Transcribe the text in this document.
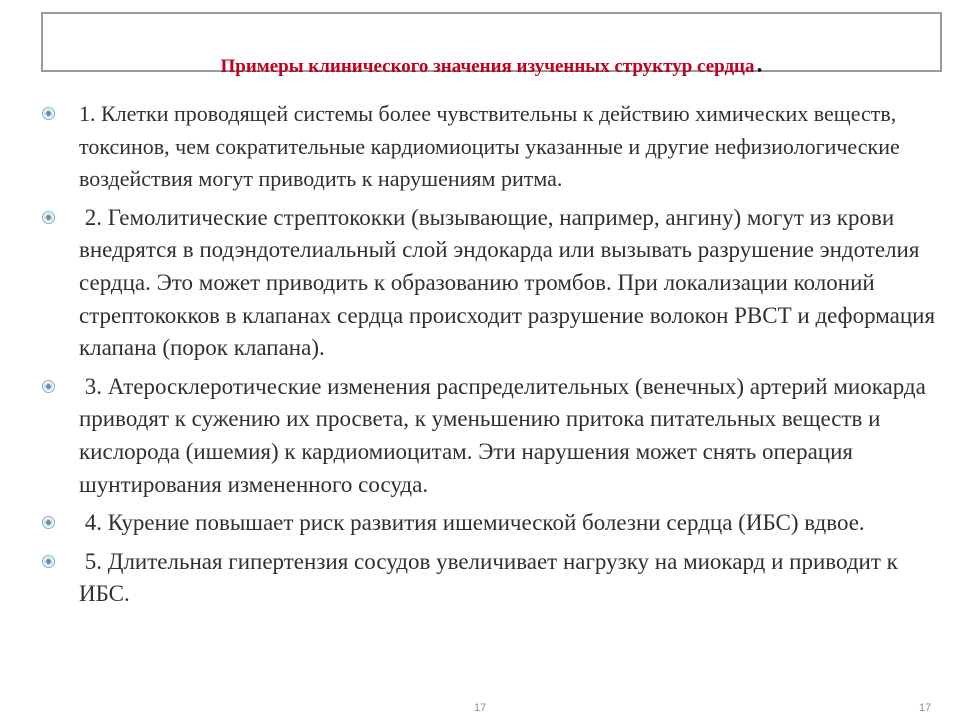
Примеры клинического значения изученных структур сердца.
1. Клетки проводящей системы более чувствительны к действию химических веществ, токсинов, чем сократительные кардиомиоциты указанные и другие нефизиологические воздействия могут приводить к нарушениям ритма.
2. Гемолитические стрептококки (вызывающие, например, ангину) могут из крови внедрятся в подэндотелиальный слой эндокарда или вызывать разрушение эндотелия сердца. Это может приводить к образованию тромбов. При локализации колоний стрептококков в клапанах сердца происходит разрушение волокон РВСТ и деформация клапана (порок клапана).
3. Атеросклеротические изменения распределительных (венечных) артерий миокарда приводят к сужению их просвета, к уменьшению притока питательных веществ и кислорода (ишемия) к кардиомиоцитам. Эти нарушения может снять операция шунтирования измененного сосуда.
4. Курение повышает риск развития ишемической болезни сердца (ИБС) вдвое.
5. Длительная гипертензия сосудов увеличивает нагрузку на миокард и приводит к ИБС.
17	17
